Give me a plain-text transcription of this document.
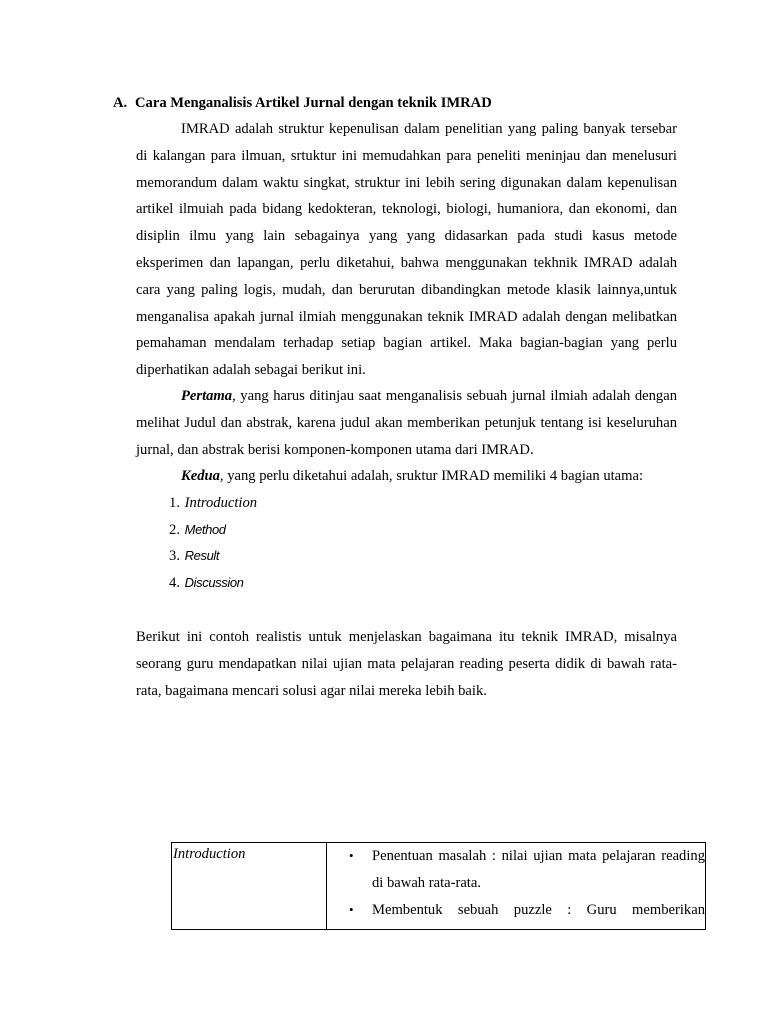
A. Cara Menganalisis Artikel Jurnal dengan teknik IMRAD

IMRAD adalah struktur kepenulisan dalam penelitian yang paling banyak tersebar di kalangan para ilmuan, srtuktur ini memudahkan para peneliti meninjau dan menelusuri memorandum dalam waktu singkat, struktur ini lebih sering digunakan dalam kepenulisan artikel ilmuiah pada bidang kedokteran, teknologi, biologi, humaniora, dan ekonomi, dan disiplin ilmu yang lain sebagainya yang yang didasarkan pada studi kasus metode eksperimen dan lapangan, perlu diketahui, bahwa menggunakan tekhnik IMRAD adalah cara yang paling logis, mudah, dan berurutan dibandingkan metode klasik lainnya,untuk menganalisa apakah jurnal ilmiah menggunakan teknik IMRAD adalah dengan melibatkan pemahaman mendalam terhadap setiap bagian artikel. Maka bagian-bagian yang perlu diperhatikan adalah sebagai berikut ini.

Pertama, yang harus ditinjau saat menganalisis sebuah jurnal ilmiah adalah dengan melihat Judul dan abstrak, karena judul akan memberikan petunjuk tentang isi keseluruhan jurnal, dan abstrak berisi komponen-komponen utama dari IMRAD.

Kedua, yang perlu diketahui adalah, sruktur IMRAD memiliki 4 bagian utama:

1. Introduction
2. Method
3. Result
4. Discussion

Berikut ini contoh realistis untuk menjelaskan bagaimana itu teknik IMRAD, misalnya seorang guru mendapatkan nilai ujian mata pelajaran reading peserta didik di bawah rata-rata, bagaimana mencari solusi agar nilai mereka lebih baik.

Introduction	• Penentuan masalah : nilai ujian mata pelajaran reading di bawah rata-rata.
• Membentuk sebuah puzzle : Guru memberikan
